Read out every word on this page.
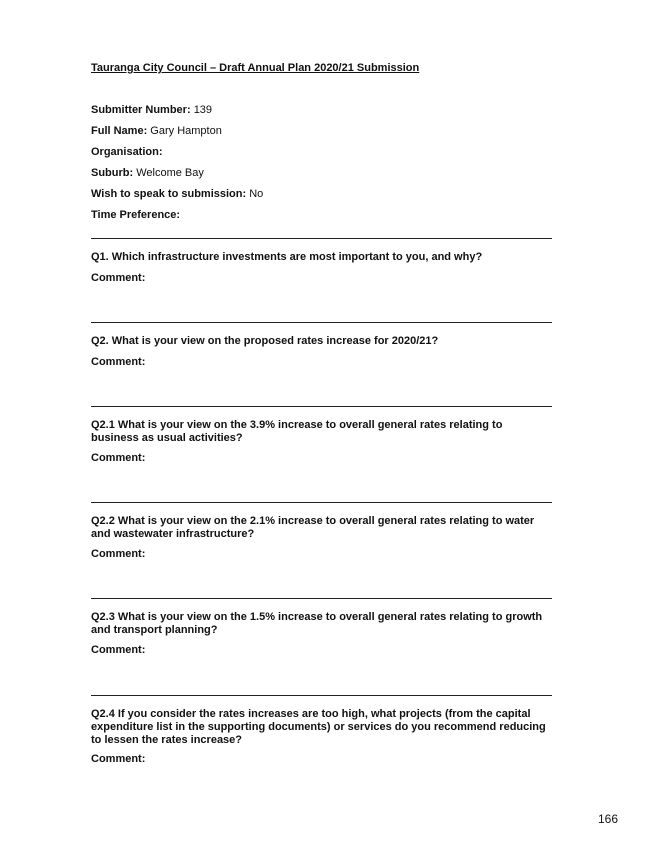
Tauranga City Council – Draft Annual Plan 2020/21 Submission
Submitter Number: 139
Full Name: Gary Hampton
Organisation:
Suburb: Welcome Bay
Wish to speak to submission: No
Time Preference:
Q1. Which infrastructure investments are most important to you, and why?
Comment:
Q2. What is your view on the proposed rates increase for 2020/21?
Comment:
Q2.1 What is your view on the 3.9% increase to overall general rates relating to business as usual activities?
Comment:
Q2.2 What is your view on the 2.1% increase to overall general rates relating to water and wastewater infrastructure?
Comment:
Q2.3 What is your view on the 1.5% increase to overall general rates relating to growth and transport planning?
Comment:
Q2.4 If you consider the rates increases are too high, what projects (from the capital expenditure list in the supporting documents) or services do you recommend reducing to lessen the rates increase?
Comment:
166
